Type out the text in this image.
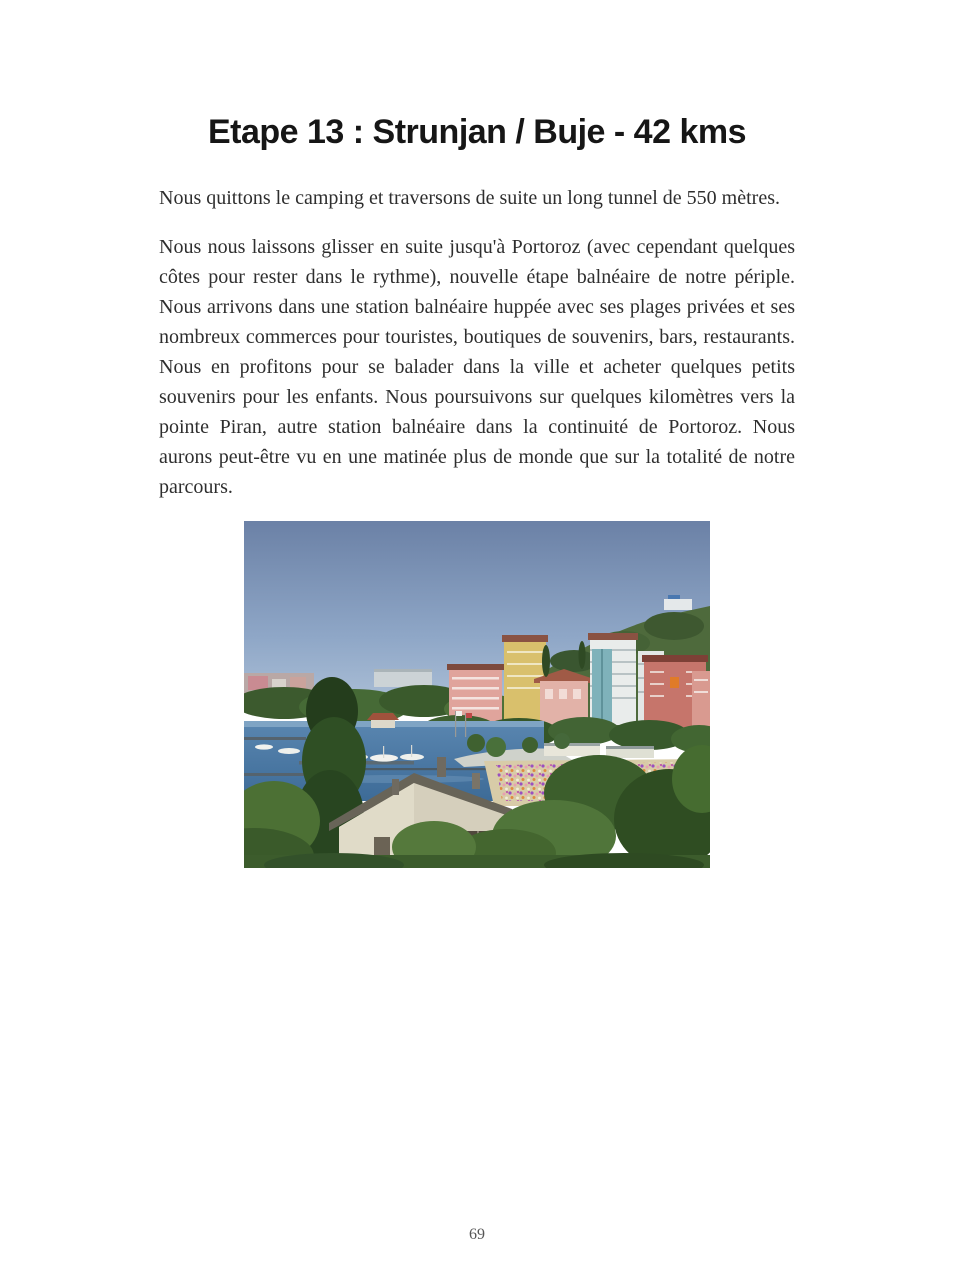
Etape 13 : Strunjan / Buje - 42 kms

Nous quittons le camping et traversons de suite un long tunnel de 550 mètres.

Nous nous laissons glisser en suite jusqu'à Portoroz (avec cependant quelques côtes pour rester dans le rythme), nouvelle étape balnéaire de notre périple. Nous arrivons dans une station balnéaire huppée avec ses plages privées et ses nombreux commerces pour touristes, boutiques de souvenirs, bars, restaurants. Nous en profitons pour se balader dans la ville et acheter quelques petits souvenirs pour les enfants. Nous poursuivons sur quelques kilomètres vers la pointe Piran, autre station balnéaire dans la continuité de Portoroz. Nous aurons peut-être vu en une matinée plus de monde que sur la totalité de notre parcours.

69
